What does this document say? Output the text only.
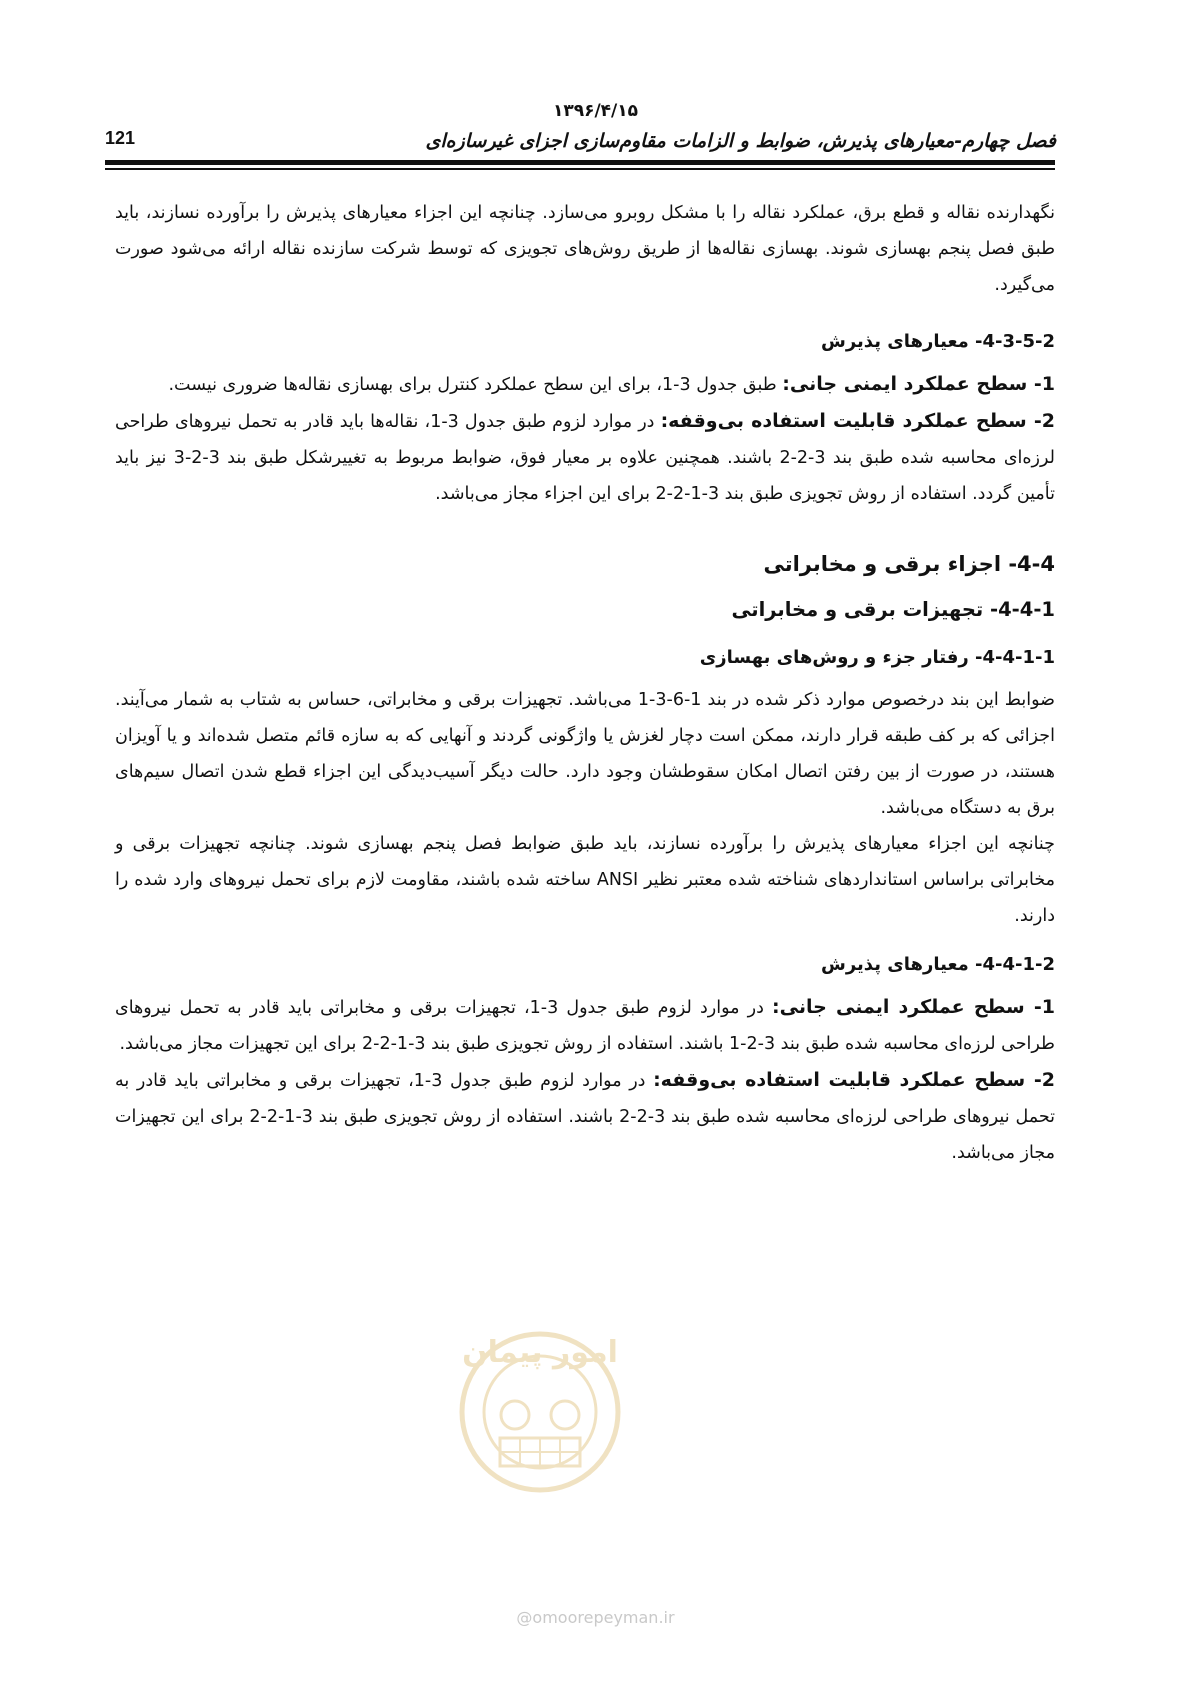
۱۳۹۶/۴/۱۵
فصل چهارم-معیارهای پذیرش، ضوابط و الزامات مقاوم‌سازی اجزای غیرسازه‌ای
121

نگهدارنده نقاله و قطع برق، عملکرد نقاله را با مشکل روبرو می‌سازد. چنانچه این اجزاء معیارهای پذیرش را برآورده نسازند، باید طبق فصل پنجم بهسازی شوند. بهسازی نقاله‌ها از طریق روش‌های تجویزی که توسط شرکت سازنده نقاله ارائه می‌شود صورت می‌گیرد.

4-3-5-2- معیارهای پذیرش

1- سطح عملکرد ایمنی جانی: طبق جدول 3-1، برای این سطح عملکرد کنترل برای بهسازی نقاله‌ها ضروری نیست.

2- سطح عملکرد قابلیت استفاده بی‌وقفه: در موارد لزوم طبق جدول 3-1، نقاله‌ها باید قادر به تحمل نیروهای طراحی لرزه‌ای محاسبه شده طبق بند 3-2-2 باشند. همچنین علاوه بر معیار فوق، ضوابط مربوط به تغییرشکل طبق بند 3-2-3 نیز باید تأمین گردد. استفاده از روش تجویزی طبق بند 3-1-2-2 برای این اجزاء مجاز می‌باشد.

4-4- اجزاء برقی و مخابراتی
4-4-1- تجهیزات برقی و مخابراتی
4-4-1-1- رفتار جزء و روش‌های بهسازی

ضوابط این بند درخصوص موارد ذکر شده در بند 1-6-3-1 می‌باشد. تجهیزات برقی و مخابراتی، حساس به شتاب به شمار می‌آیند. اجزائی که بر کف طبقه قرار دارند، ممکن است دچار لغزش یا واژگونی گردند و آنهایی که به سازه قائم متصل شده‌اند و یا آویزان هستند، در صورت از بین رفتن اتصال امکان سقوطشان وجود دارد. حالت دیگر آسیب‌دیدگی این اجزاء قطع شدن اتصال سیم‌های برق به دستگاه می‌باشد.

چنانچه این اجزاء معیارهای پذیرش را برآورده نسازند، باید طبق ضوابط فصل پنجم بهسازی شوند. چنانچه تجهیزات برقی و مخابراتی براساس استانداردهای شناخته شده معتبر نظیر ANSI ساخته شده باشند، مقاومت لازم برای تحمل نیروهای وارد شده را دارند.

4-4-1-2- معیارهای پذیرش

1- سطح عملکرد ایمنی جانی: در موارد لزوم طبق جدول 3-1، تجهیزات برقی و مخابراتی باید قادر به تحمل نیروهای طراحی لرزه‌ای محاسبه شده طبق بند 3-2-1 باشند. استفاده از روش تجویزی طبق بند 3-1-2-2 برای این تجهیزات مجاز می‌باشد.

2- سطح عملکرد قابلیت استفاده بی‌وقفه: در موارد لزوم طبق جدول 3-1، تجهیزات برقی و مخابراتی باید قادر به تحمل نیروهای طراحی لرزه‌ای محاسبه شده طبق بند 3-2-2 باشند. استفاده از روش تجویزی طبق بند 3-1-2-2 برای این تجهیزات مجاز می‌باشد.

امور پیمان
@omoorepeyman.ir
